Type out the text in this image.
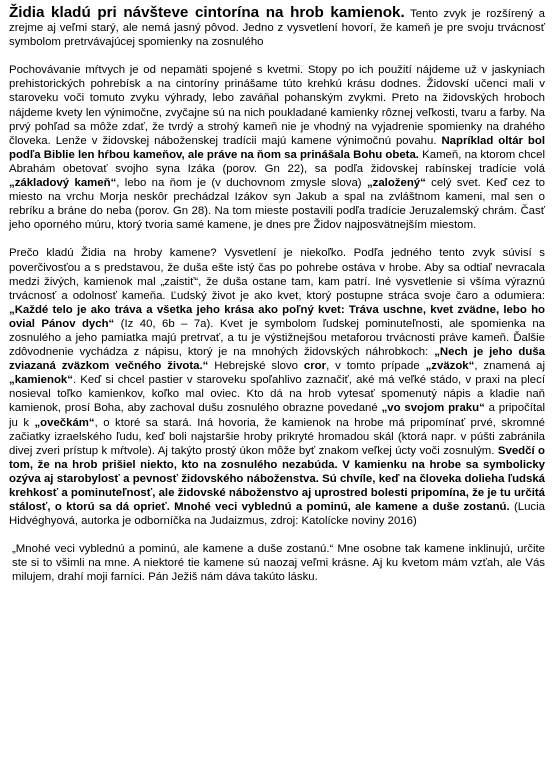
Židia kladú pri návšteve cintorína na hrob kamienok. Tento zvyk je rozšírený a zrejme aj veľmi starý, ale nemá jasný pôvod. Jedno z vysvetlení hovorí, že kameň je pre svoju trvácnosť symbolom pretrvávajúcej spomienky na zosnulého

Pochovávanie mŕtvych je od nepamäti spojené s kvetmi. Stopy po ich použití nájdeme už v jaskyniach prehistorických pohrebísk a na cintoríny prinášame túto krehkú krásu dodnes. Židovskí učenci mali v staroveku voči tomuto zvyku výhrady, lebo zaváňal pohanským zvykmi. Preto na židovských hroboch nájdeme kvety len výnimočne, zvyčajne sú na nich poukladané kamienky rôznej veľkosti, tvaru a farby. Na prvý pohľad sa môže zdať, že tvrdý a strohý kameň nie je vhodný na vyjadrenie spomienky na drahého človeka. Lenže v židovskej náboženskej tradícii majú kamene výnimočnú povahu. Napríklad oltár bol podľa Biblie len hŕbou kameňov, ale práve na ňom sa prinášala Bohu obeta. Kameň, na ktorom chcel Abrahám obetovať svojho syna Izáka (porov. Gn 22), sa podľa židovskej rabínskej tradície volá „základový kameň“, lebo na ňom je (v duchovnom zmysle slova) „založený“ celý svet. Keď cez to miesto na vrchu Morja neskôr prechádzal Izákov syn Jakub a spal na zvláštnom kameni, mal sen o rebríku a bráne do neba (porov. Gn 28). Na tom mieste postavili podľa tradície Jeruzalemský chrám. Časť jeho oporného múru, ktorý tvoria samé kamene, je dnes pre Židov najposvätnejším miestom.

Prečo kladú Židia na hroby kamene? Vysvetlení je niekoľko. Podľa jedného tento zvyk súvisí s poverčivosťou a s predstavou, že duša ešte istý čas po pohrebe ostáva v hrobe. Aby sa odtiaľ nevracala medzi živých, kamienok mal „zaistiť“, že duša ostane tam, kam patrí. Iné vysvetlenie si všíma výraznú trvácnosť a odolnosť kameňa. Ľudský život je ako kvet, ktorý postupne stráca svoje čaro a odumiera: „Každé telo je ako tráva a všetka jeho krása ako poľný kvet: Tráva uschne, kvet zvädne, lebo ho ovial Pánov dych“ (Iz 40, 6b – 7a). Kvet je symbolom ľudskej pominuteľnosti, ale spomienka na zosnulého a jeho pamiatka majú pretrvať, a tu je výstižnejšou metaforou trvácnosti práve kameň. Ďalšie zdôvodnenie vychádza z nápisu, ktorý je na mnohých židovských náhrobkoch: „Nech je jeho duša zviazaná zväzkom večného života.“ Hebrejské slovo cror, v tomto prípade „zväzok“, znamená aj „kamienok“. Keď si chcel pastier v staroveku spoľahlivo zaznačiť, aké má veľké stádo, v praxi na plecí nosieval toľko kamienkov, koľko mal oviec. Kto dá na hrob vytesať spomenutý nápis a kladie naň kamienok, prosí Boha, aby zachoval dušu zosnulého obrazne povedané „vo svojom praku“ a pripočítal ju k „ovečkám“, o ktoré sa stará. Iná hovoria, že kamienok na hrobe má pripomínať prvé, skromné začiatky izraelského ľudu, keď boli najstaršie hroby prikryté hromadou skál (ktorá napr. v púšti zabránila divej zveri prístup k mŕtvole). Aj takýto prostý úkon môže byť znakom veľkej úcty voči zosnulým. Svedčí o tom, že na hrob prišiel niekto, kto na zosnulého nezabúda. V kamienku na hrobe sa symbolicky ozýva aj starobylosť a pevnosť židovského náboženstva. Sú chvíle, keď na človeka dolieha ľudská krehkosť a pominuteľnosť, ale židovské náboženstvo aj uprostred bolesti pripomína, že je tu určitá stálosť, o ktorú sa dá oprieť. Mnohé veci vyblednú a pominú, ale kamene a duše zostanú. (Lucia Hidvéghyová, autorka je odborníčka na Judaizmus, zdroj: Katolícke noviny 2016)

„Mnohé veci vyblednú a pominú, ale kamene a duše zostanú.“ Mne osobne tak kamene inklinujú, určite ste si to všimli na mne. A niektoré tie kamene sú naozaj veľmi krásne. Aj ku kvetom mám vzťah, ale Vás milujem, drahí moji farníci. Pán Ježiš nám dáva takúto lásku.
